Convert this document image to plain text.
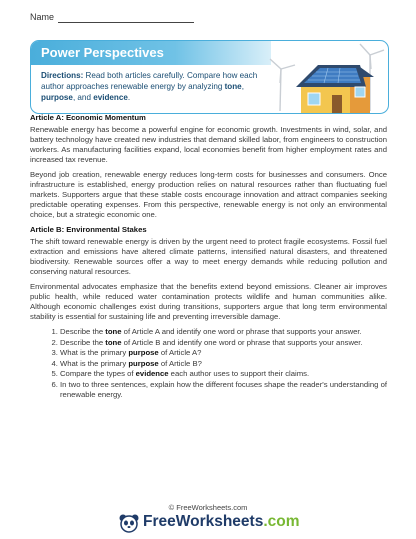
Name
Power Perspectives
Directions: Read both articles carefully. Compare how each author approaches renewable energy by analyzing tone, purpose, and evidence.
Article A: Economic Momentum

Renewable energy has become a powerful engine for economic growth. Investments in wind, solar, and battery technology have created new industries that demand skilled labor, from engineers to construction workers. As manufacturing facilities expand, local economies benefit from higher employment rates and increased tax revenue.

Beyond job creation, renewable energy reduces long-term costs for businesses and consumers. Once infrastructure is established, energy production relies on natural resources rather than fluctuating fuel markets. Supporters argue that these stable costs encourage innovation and attract companies seeking predictable operating expenses. From this perspective, renewable energy is not only an environmental choice, but a strategic economic one.

Article B: Environmental Stakes

The shift toward renewable energy is driven by the urgent need to protect fragile ecosystems. Fossil fuel extraction and emissions have altered climate patterns, intensified natural disasters, and threatened biodiversity. Renewable sources offer a way to meet energy demands while reducing pollution and conserving natural resources.

Environmental advocates emphasize that the benefits extend beyond emissions. Cleaner air improves public health, while reduced water contamination protects wildlife and human communities alike. Although economic challenges exist during transitions, supporters argue that long term environmental stability is essential for sustaining life and preventing irreversible damage.

1. Describe the tone of Article A and identify one word or phrase that supports your answer.
2. Describe the tone of Article B and identify one word or phrase that supports your answer.
3. What is the primary purpose of Article A?
4. What is the primary purpose of Article B?
5. Compare the types of evidence each author uses to support their claims.
6. In two to three sentences, explain how the different focuses shape the reader's understanding of renewable energy.
© FreeWorksheets.com
FreeWorksheets.com
